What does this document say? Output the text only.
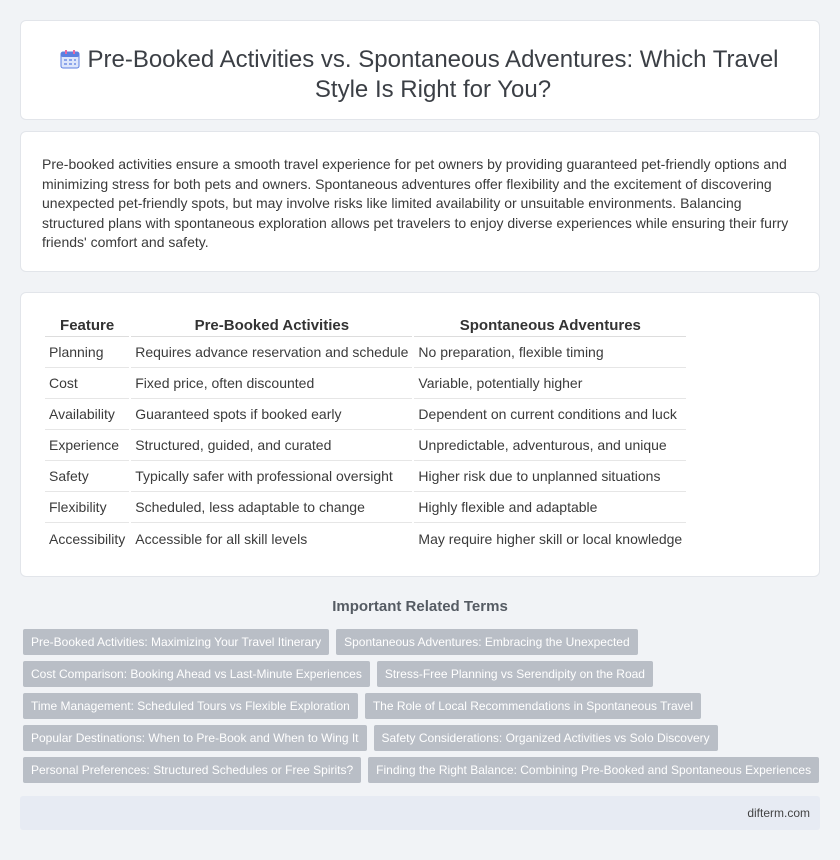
Pre-Booked Activities vs. Spontaneous Adventures: Which Travel Style Is Right for You?

Pre-booked activities ensure a smooth travel experience for pet owners by providing guaranteed pet-friendly options and minimizing stress for both pets and owners. Spontaneous adventures offer flexibility and the excitement of discovering unexpected pet-friendly spots, but may involve risks like limited availability or unsuitable environments. Balancing structured plans with spontaneous exploration allows pet travelers to enjoy diverse experiences while ensuring their furry friends' comfort and safety.

Feature	Pre-Booked Activities	Spontaneous Adventures
Planning	Requires advance reservation and schedule	No preparation, flexible timing
Cost	Fixed price, often discounted	Variable, potentially higher
Availability	Guaranteed spots if booked early	Dependent on current conditions and luck
Experience	Structured, guided, and curated	Unpredictable, adventurous, and unique
Safety	Typically safer with professional oversight	Higher risk due to unplanned situations
Flexibility	Scheduled, less adaptable to change	Highly flexible and adaptable
Accessibility	Accessible for all skill levels	May require higher skill or local knowledge
Important Related Terms
Pre-Booked Activities: Maximizing Your Travel Itinerary	Spontaneous Adventures: Embracing the Unexpected
Cost Comparison: Booking Ahead vs Last-Minute Experiences	Stress-Free Planning vs Serendipity on the Road
Time Management: Scheduled Tours vs Flexible Exploration	The Role of Local Recommendations in Spontaneous Travel
Popular Destinations: When to Pre-Book and When to Wing It	Safety Considerations: Organized Activities vs Solo Discovery
Personal Preferences: Structured Schedules or Free Spirits?	Finding the Right Balance: Combining Pre-Booked and Spontaneous Experiences
difterm.com
